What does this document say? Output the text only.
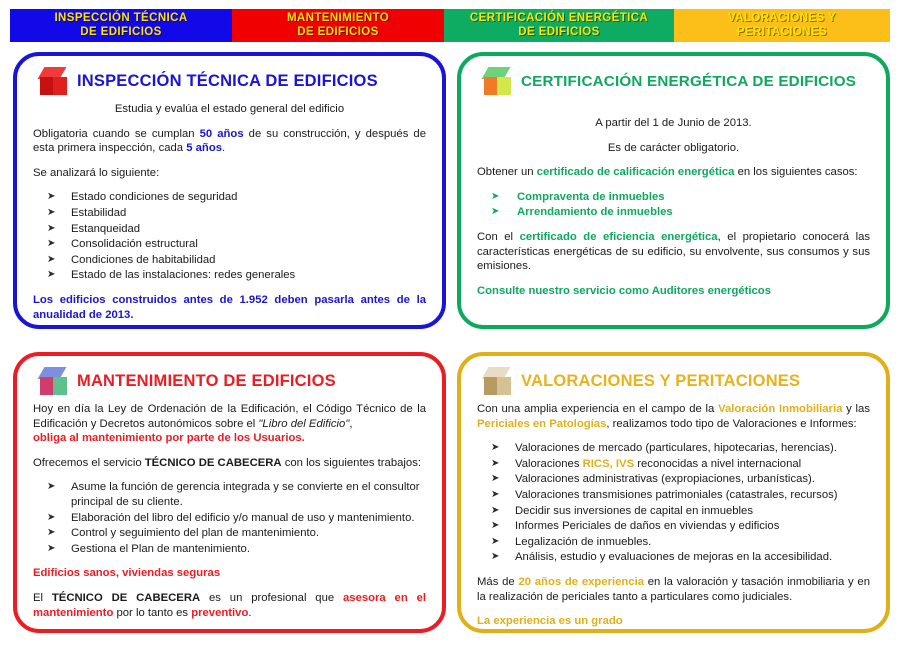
INSPECCIÓN TÉCNICA
DE EDIFICIOS
MANTENIMIENTO
DE EDIFICIOS
CERTIFICACIÓN ENERGÉTICA
DE EDIFICIOS
VALORACIONES Y
PERITACIONES
INSPECCIÓN TÉCNICA DE EDIFICIOS

Estudia y evalúa el estado general del edificio

Obligatoria cuando se cumplan 50 años de su construcción, y después de esta primera inspección, cada 5 años.

Se analizará lo siguiente:

➤ Estado condiciones de seguridad
➤ Estabilidad
➤ Estanqueidad
➤ Consolidación estructural
➤ Condiciones de habitabilidad
➤ Estado de las instalaciones: redes generales

Los edificios construidos antes de 1.952 deben pasarla antes de la anualidad de 2013.

CERTIFICACIÓN ENERGÉTICA DE EDIFICIOS

A partir del 1 de Junio de 2013.

Es de carácter obligatorio.

Obtener un certificado de calificación energética en los siguientes casos:

➤ Compraventa de inmuebles
➤ Arrendamiento de inmuebles

Con el certificado de eficiencia energética, el propietario conocerá las características energéticas de su edificio, su envolvente, sus consumos y sus emisiones.

Consulte nuestro servicio como Auditores energéticos

MANTENIMIENTO DE EDIFICIOS

Hoy en día la Ley de Ordenación de la Edificación, el Código Técnico de la Edificación y Decretos autonómicos sobre el "Libro del Edificio",

obliga al mantenimiento por parte de los Usuarios.

Ofrecemos el servicio TÉCNICO DE CABECERA con los siguientes trabajos:

➤ Asume la función de gerencia integrada y se convierte en el consultor principal de su cliente.
➤ Elaboración del libro del edificio y/o manual de uso y mantenimiento.
➤ Control y seguimiento del plan de mantenimiento.
➤ Gestiona el Plan de mantenimiento.

Edificios sanos, viviendas seguras

El TÉCNICO DE CABECERA es un profesional que asesora en el mantenimiento por lo tanto es preventivo.

VALORACIONES Y PERITACIONES

Con una amplia experiencia en el campo de la Valoración Inmobiliaria y las Periciales en Patologías, realizamos todo tipo de Valoraciones e Informes:

➤ Valoraciones de mercado (particulares, hipotecarias, herencias).
➤ Valoraciones RICS, IVS reconocidas a nivel internacional
➤ Valoraciones administrativas (expropiaciones, urbanísticas).
➤ Valoraciones transmisiones patrimoniales (catastrales, recursos)
➤ Decidir sus inversiones de capital en inmuebles
➤ Informes Periciales de daños en viviendas y edificios
➤ Legalización de inmuebles.
➤ Análisis, estudio y evaluaciones de mejoras en la accesibilidad.

Más de 20 años de experiencia en la valoración y tasación inmobiliaria y en la realización de periciales tanto a particulares como judiciales.

La experiencia es un grado
